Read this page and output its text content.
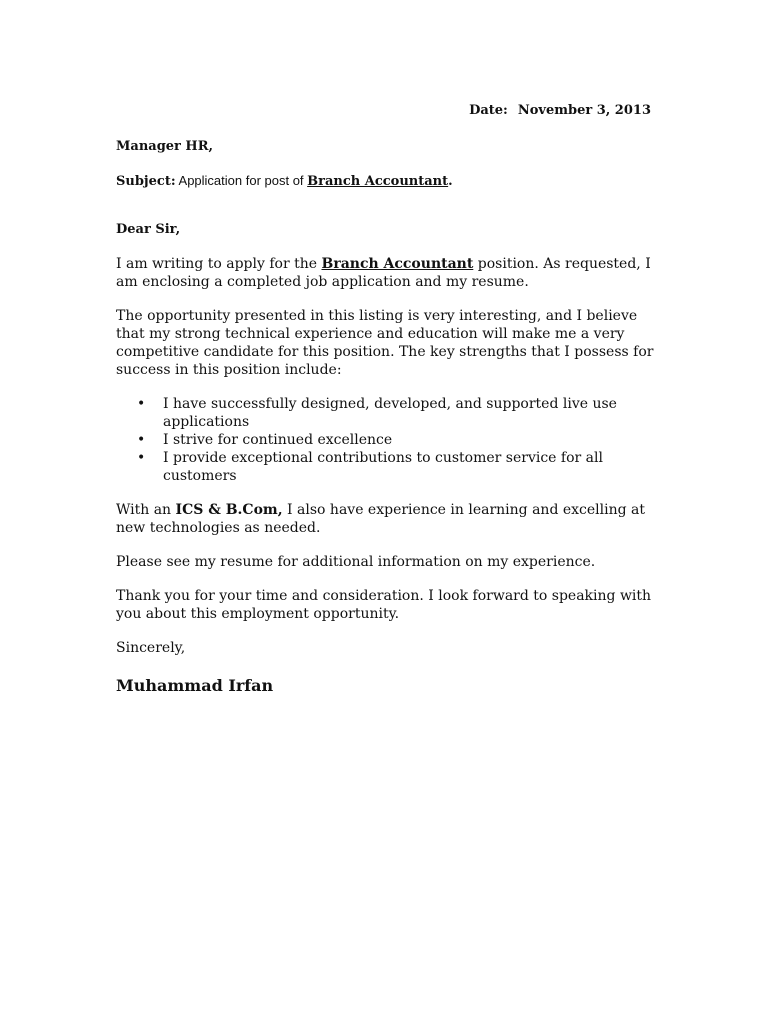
Date: November 3, 2013

Manager HR,

Subject: Application for post of Branch Accountant.

Dear Sir,

I am writing to apply for the Branch Accountant position. As requested, I am enclosing a completed job application and my resume.

The opportunity presented in this listing is very interesting, and I believe that my strong technical experience and education will make me a very competitive candidate for this position. The key strengths that I possess for success in this position include:

• I have successfully designed, developed, and supported live use applications
• I strive for continued excellence
• I provide exceptional contributions to customer service for all customers

With an ICS & B.Com, I also have experience in learning and excelling at new technologies as needed.

Please see my resume for additional information on my experience.

Thank you for your time and consideration. I look forward to speaking with you about this employment opportunity.

Sincerely,

Muhammad Irfan
